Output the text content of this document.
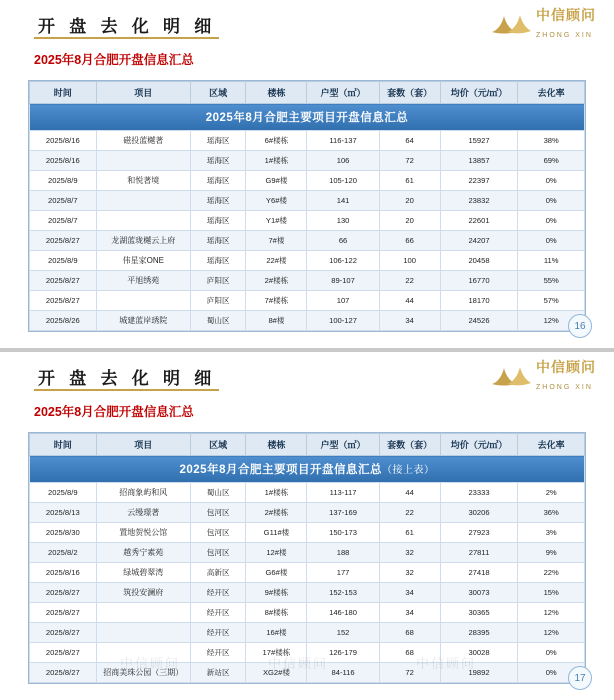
开 盘 去 化 明 细
中信顾问
ZHONG XIN
2025年8月合肥开盘信息汇总
2025年8月合肥主要项目开盘信息汇总							

时间	项目	区域	楼栋	户型（㎡）	套数（套）	均价（元/㎡）	去化率
2025/8/16	磁投蓝樾著	瑶海区	6#楼栋	116-137	64	15927	38%
2025/8/16		瑶海区	1#楼栋	106	72	13857	69%
2025/8/9	和悦著境	瑶海区	G9#楼	105-120	61	22397	0%
2025/8/7		瑶海区	Y6#楼	141	20	23832	0%
2025/8/7		瑶海区	Y1#楼	130	20	22601	0%
2025/8/27	龙湖蓝珑樾云上府	瑶海区	7#楼	66	66	24207	0%
2025/8/9	伟星家ONE	瑶海区	22#楼	106-122	100	20458	11%
2025/8/27	平旭绣苑	庐阳区	2#楼栋	89-107	22	16770	55%
2025/8/27		庐阳区	7#楼栋	107	44	18170	57%
2025/8/26	城建蓝岸琇院	蜀山区	8#楼	100-127	34	24526	12%	16
开 盘 去 化 明 细
中信顾问
ZHONG XIN
2025年8月合肥开盘信息汇总
2025年8月合肥主要项目开盘信息汇总（接上表）							

时间	项目	区域	楼栋	户型（㎡）	套数（套）	均价（元/㎡）	去化率
2025/8/9	招商象屿和风	蜀山区	1#楼栋	113-117	44	23333	2%
2025/8/13	云缦璟著	包河区	2#楼栋	137-169	22	30206	36%
2025/8/30	置地贺悦公馆	包河区	G11#楼	150-173	61	27923	3%
2025/8/2	越秀宁素苑	包河区	12#楼	188	32	27811	9%
2025/8/16	绿城碧翠湾	高新区	G6#楼	177	32	27418	22%
2025/8/27	筑投安澜府	经开区	9#楼栋	152-153	34	30073	15%
2025/8/27		经开区	8#楼栋	146-180	34	30365	12%
2025/8/27		经开区	16#楼	152	68	28395	12%
2025/8/27		经开区	17#楼栋	126-179	68	30028	0%
2025/8/27	招商美珠公园（三期）	新站区	XG2#楼	84-116	72	19892	0%	17
